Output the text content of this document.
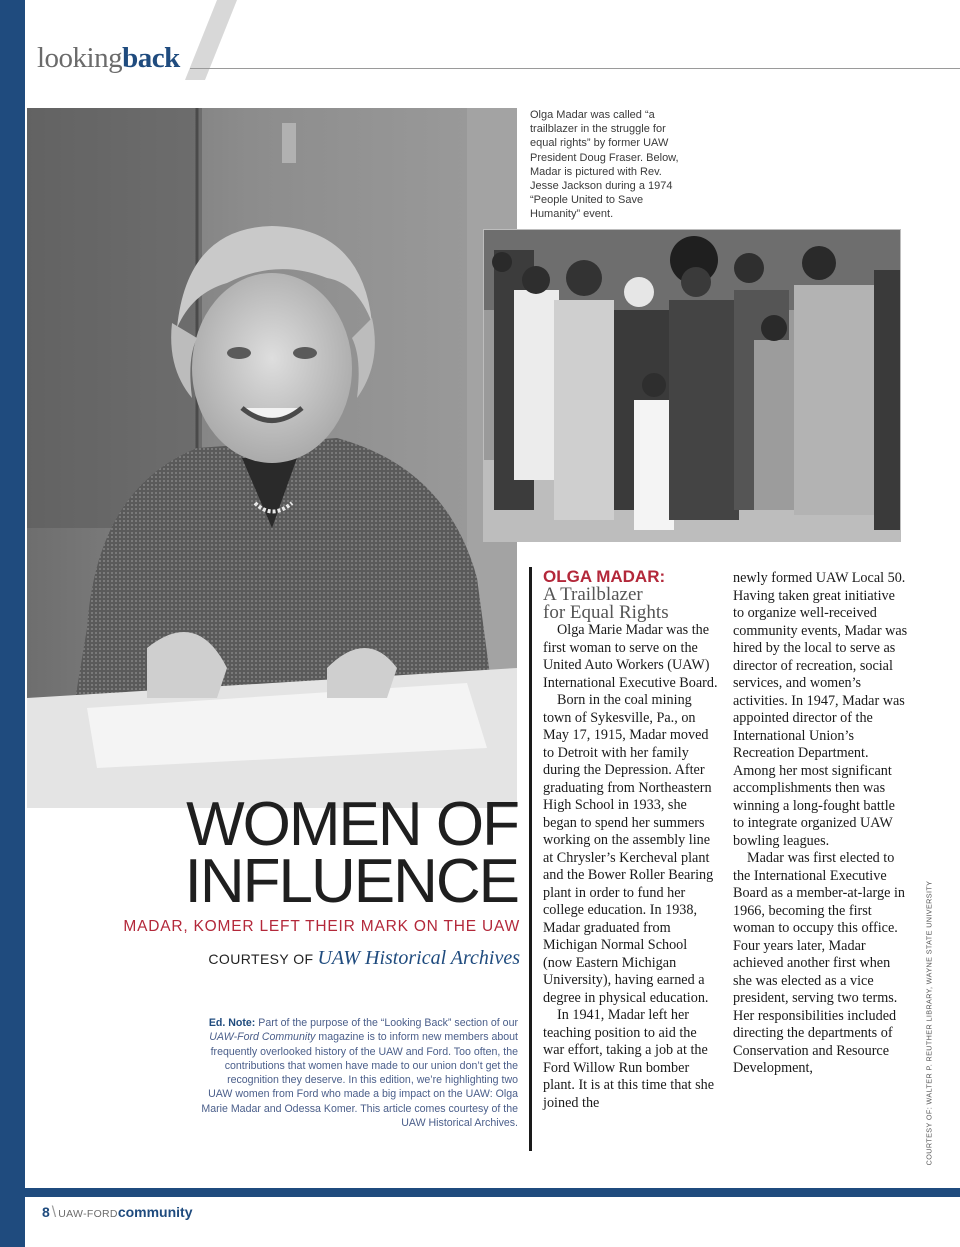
lookingback
Olga Madar was called “a trailblazer in the struggle for equal rights” by former UAW President Doug Fraser. Below, Madar is pictured with Rev. Jesse Jackson during a 1974 “People United to Save Humanity” event.
WOMEN OF
INFLUENCE
MADAR, KOMER LEFT THEIR MARK ON THE UAW
COURTESY OF UAW Historical Archives
Ed. Note: Part of the purpose of the “Looking Back” section of our UAW-Ford Community magazine is to inform new members about frequently overlooked history of the UAW and Ford. Too often, the contributions that women have made to our union don’t get the recognition they deserve. In this edition, we’re highlighting two UAW women from Ford who made a big impact on the UAW: Olga Marie Madar and Odessa Komer. This article comes courtesy of the UAW Historical Archives.
OLGA MADAR:
A Trailblazer
for Equal Rights

Olga Marie Madar was the first woman to serve on the United Auto Workers (UAW) International Executive Board.

Born in the coal mining town of Sykesville, Pa., on May 17, 1915, Madar moved to Detroit with her family during the Depression. After graduating from Northeastern High School in 1933, she began to spend her summers working on the assembly line at Chrysler’s Kercheval plant and the Bower Roller Bearing plant in order to fund her college education. In 1938, Madar graduated from Michigan Normal School (now Eastern Michigan University), having earned a degree in physical education.

In 1941, Madar left her teaching position to aid the war effort, taking a job at the Ford Willow Run bomber plant. It is at this time that she joined the

newly formed UAW Local 50. Having taken great initiative to organize well-received community events, Madar was hired by the local to serve as director of recreation, social services, and women’s activities. In 1947, Madar was appointed director of the International Union’s Recreation Department. Among her most significant accomplishments then was winning a long-fought battle to integrate organized UAW bowling leagues.

Madar was first elected to the International Executive Board as a member-at-large in 1966, becoming the first woman to occupy this office. Four years later, Madar achieved another first when she was elected as a vice president, serving two terms. Her responsibilities included directing the departments of Conservation and Resource Development,	COURTESY OF: WALTER P. REUTHER LIBRARY, WAYNE STATE UNIVERSITY
8 \ UAW-FORDcommunity
